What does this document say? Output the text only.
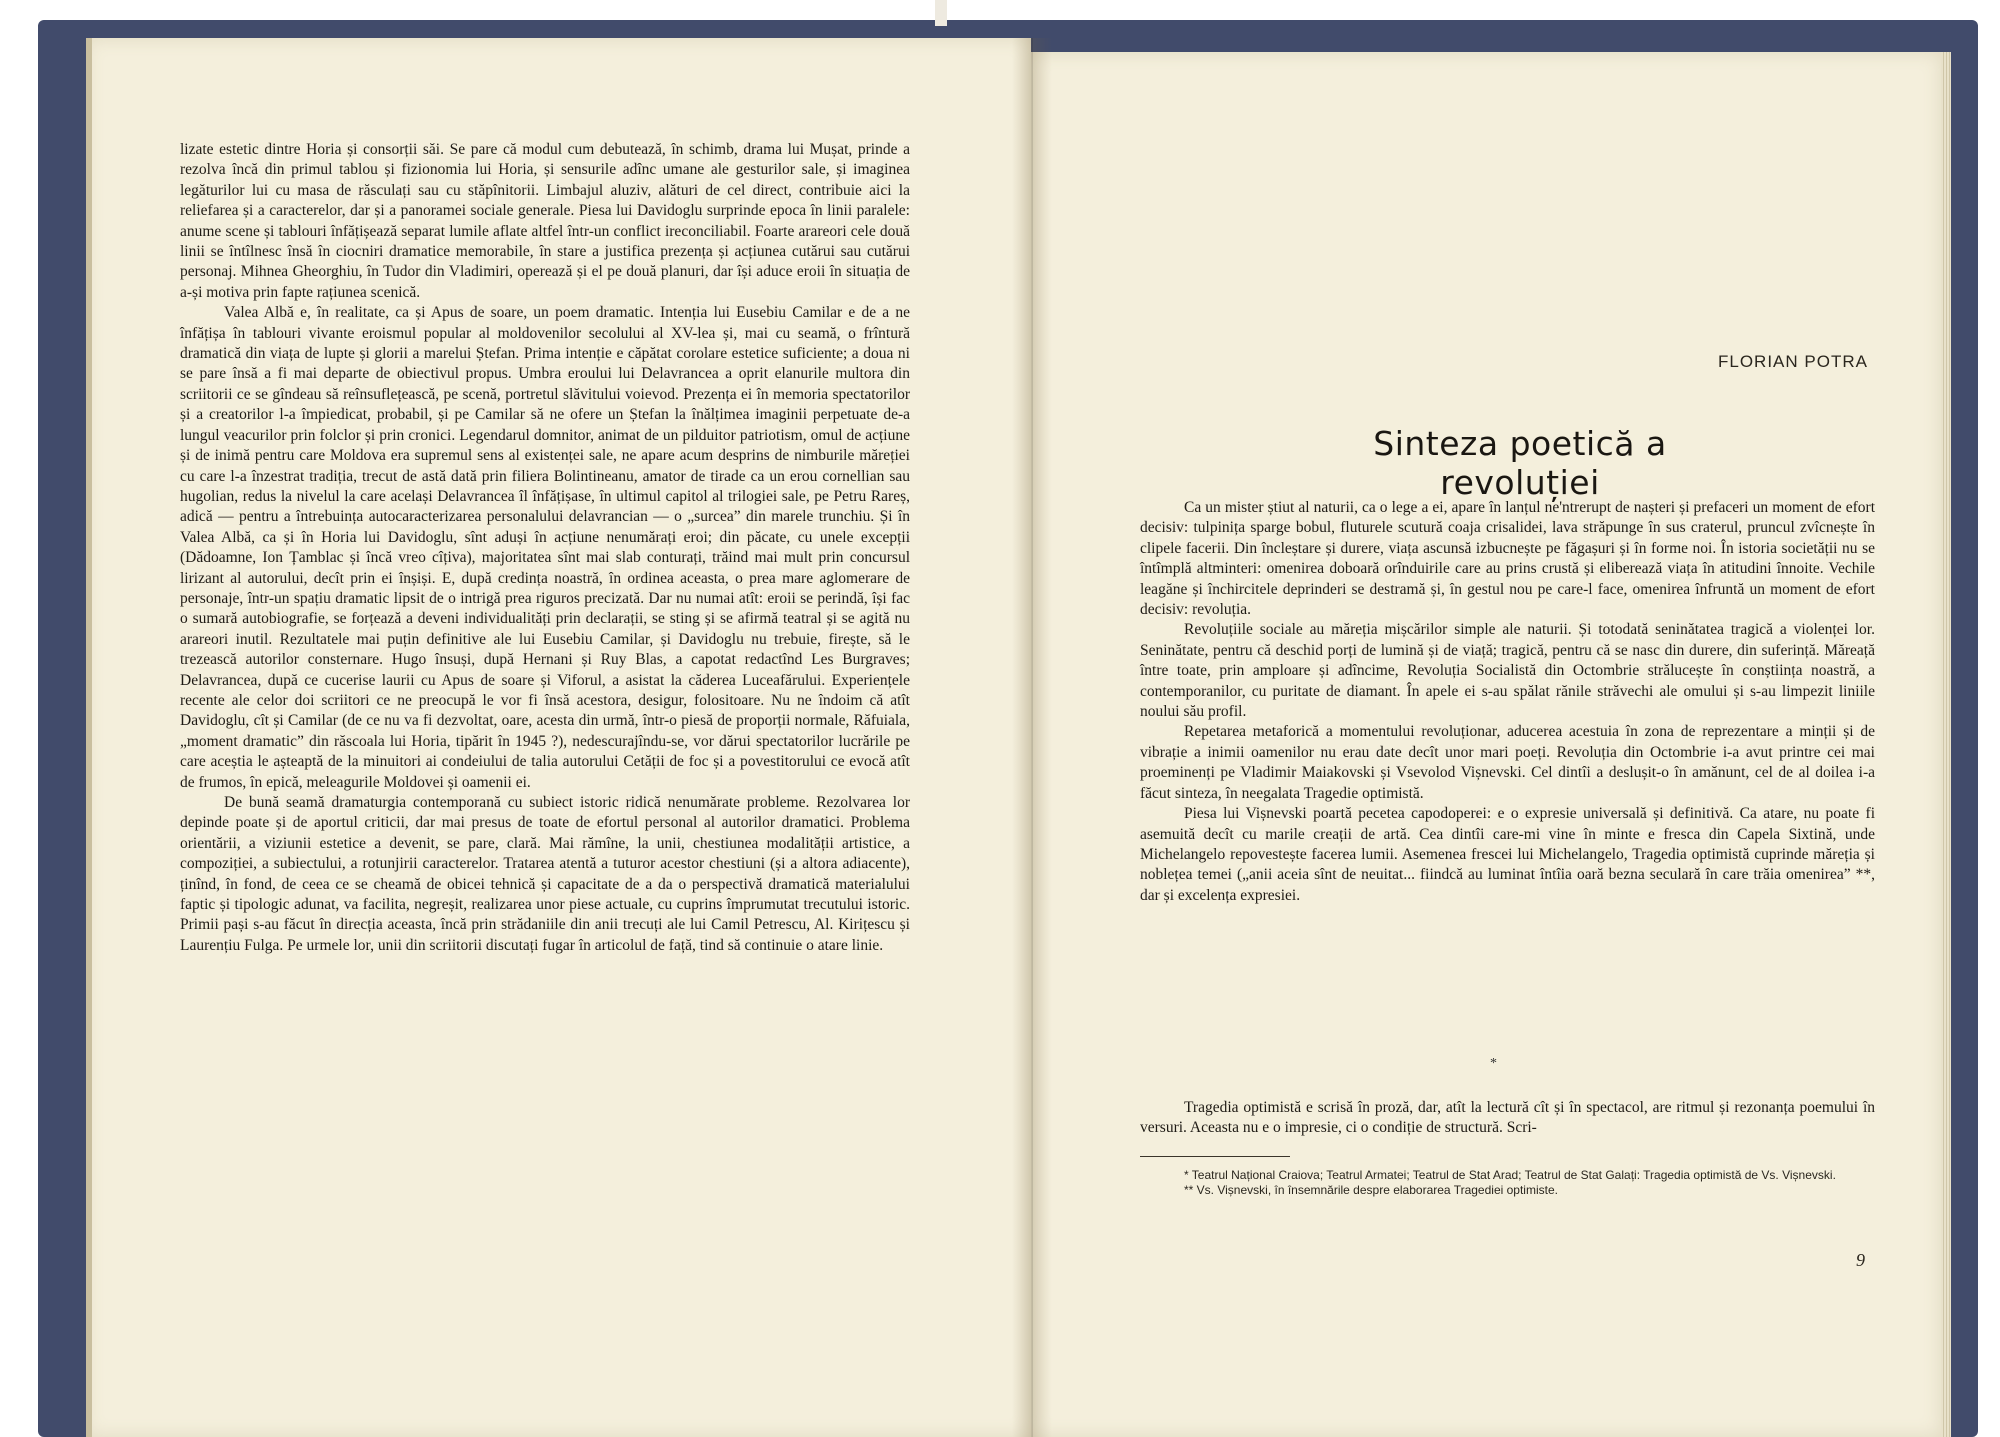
lizate estetic dintre Horia și consorții săi. Se pare că modul cum debutează, în schimb, drama lui Mușat, prinde a rezolva încă din primul tablou și fizionomia lui Horia, și sensurile adînc umane ale gesturilor sale, și imaginea legăturilor lui cu masa de răsculați sau cu stăpînitorii. Limbajul aluziv, alături de cel direct, contribuie aici la reliefarea și a caracterelor, dar și a panoramei sociale generale. Piesa lui Davidoglu surprinde epoca în linii paralele: anume scene și tablouri înfățișează separat lumile aflate altfel într-un conflict ireconciliabil. Foarte arareori cele două linii se întîlnesc însă în ciocniri dramatice memorabile, în stare a justifica prezența și acțiunea cutărui sau cutărui personaj. Mihnea Gheorghiu, în Tudor din Vladimiri, operează și el pe două planuri, dar își aduce eroii în situația de a-și motiva prin fapte rațiunea scenică.

Valea Albă e, în realitate, ca și Apus de soare, un poem dramatic. Intenția lui Eusebiu Camilar e de a ne înfățișa în tablouri vivante eroismul popular al moldovenilor secolului al XV-lea și, mai cu seamă, o frîntură dramatică din viața de lupte și glorii a marelui Ștefan. Prima intenție e căpătat corolare estetice suficiente; a doua ni se pare însă a fi mai departe de obiectivul propus. Umbra eroului lui Delavrancea a oprit elanurile multora din scriitorii ce se gîndeau să reînsuflețească, pe scenă, portretul slăvitului voievod. Prezența ei în memoria spectatorilor și a creatorilor l-a împiedicat, probabil, și pe Camilar să ne ofere un Ștefan la înălțimea imaginii perpetuate de-a lungul veacurilor prin folclor și prin cronici. Legendarul domnitor, animat de un pilduitor patriotism, omul de acțiune și de inimă pentru care Moldova era supremul sens al existenței sale, ne apare acum desprins de nimburile măreției cu care l-a înzestrat tradiția, trecut de astă dată prin filiera Bolintineanu, amator de tirade ca un erou cornellian sau hugolian, redus la nivelul la care același Delavrancea îl înfățișase, în ultimul capitol al trilogiei sale, pe Petru Rareș, adică — pentru a întrebuința autocaracterizarea personalului delavrancian — o „surcea” din marele trunchiu. Și în Valea Albă, ca și în Horia lui Davidoglu, sînt aduși în acțiune nenumărați eroi; din păcate, cu unele excepții (Dădoamne, Ion Țamblac și încă vreo cîțiva), majoritatea sînt mai slab conturați, trăind mai mult prin concursul lirizant al autorului, decît prin ei înșiși. E, după credința noastră, în ordinea aceasta, o prea mare aglomerare de personaje, într-un spațiu dramatic lipsit de o intrigă prea riguros precizată. Dar nu numai atît: eroii se perindă, își fac o sumară autobiografie, se forțează a deveni individualități prin declarații, se sting și se afirmă teatral și se agită nu arareori inutil. Rezultatele mai puțin definitive ale lui Eusebiu Camilar, și Davidoglu nu trebuie, firește, să le trezească autorilor consternare. Hugo însuși, după Hernani și Ruy Blas, a capotat redactînd Les Burgraves; Delavrancea, după ce cucerise laurii cu Apus de soare și Viforul, a asistat la căderea Luceafărului. Experiențele recente ale celor doi scriitori ce ne preocupă le vor fi însă acestora, desigur, folositoare. Nu ne îndoim că atît Davidoglu, cît și Camilar (de ce nu va fi dezvoltat, oare, acesta din urmă, într-o piesă de proporții normale, Răfuiala, „moment dramatic” din răscoala lui Horia, tipărit în 1945 ?), nedescurajîndu-se, vor dărui spectatorilor lucrările pe care aceștia le așteaptă de la minuitori ai condeiului de talia autorului Cetății de foc și a povestitorului ce evocă atît de frumos, în epică, meleagurile Moldovei și oamenii ei.

De bună seamă dramaturgia contemporană cu subiect istoric ridică nenumărate probleme. Rezolvarea lor depinde poate și de aportul criticii, dar mai presus de toate de efortul personal al autorilor dramatici. Problema orientării, a viziunii estetice a devenit, se pare, clară. Mai rămîne, la unii, chestiunea modalității artistice, a compoziției, a subiectului, a rotunjirii caracterelor. Tratarea atentă a tuturor acestor chestiuni (și a altora adiacente), ținînd, în fond, de ceea ce se cheamă de obicei tehnică și capacitate de a da o perspectivă dramatică materialului faptic și tipologic adunat, va facilita, negreșit, realizarea unor piese actuale, cu cuprins împrumutat trecutului istoric. Primii pași s-au făcut în direcția aceasta, încă prin strădaniile din anii trecuți ale lui Camil Petrescu, Al. Kirițescu și Laurențiu Fulga. Pe urmele lor, unii din scriitorii discutați fugar în articolul de față, tind să continuie o atare linie.

FLORIAN POTRA
Sinteza poetică a revoluției

Ca un mister știut al naturii, ca o lege a ei, apare în lanțul ne'ntrerupt de nașteri și prefaceri un moment de efort decisiv: tulpinița sparge bobul, fluturele scutură coaja crisalidei, lava străpunge în sus craterul, pruncul zvîcnește în clipele facerii. Din încleștare și durere, viața ascunsă izbucnește pe făgașuri și în forme noi. În istoria societății nu se întîmplă altminteri: omenirea doboară orînduirile care au prins crustă și eliberează viața în atitudini înnoite. Vechile leagăne și închircitele deprinderi se destramă și, în gestul nou pe care-l face, omenirea înfruntă un moment de efort decisiv: revoluția.

Revoluțiile sociale au măreția mișcărilor simple ale naturii. Și totodată seninătatea tragică a violenței lor. Seninătate, pentru că deschid porți de lumină și de viață; tragică, pentru că se nasc din durere, din suferință. Măreață între toate, prin amploare și adîncime, Revoluția Socialistă din Octombrie strălucește în conștiința noastră, a contemporanilor, cu puritate de diamant. În apele ei s-au spălat rănile străvechi ale omului și s-au limpezit liniile noului său profil.

Repetarea metaforică a momentului revoluționar, aducerea acestuia în zona de reprezentare a minții și de vibrație a inimii oamenilor nu erau date decît unor mari poeți. Revoluția din Octombrie i-a avut printre cei mai proeminenți pe Vladimir Maiakovski și Vsevolod Vișnevski. Cel dintîi a deslușit-o în amănunt, cel de al doilea i-a făcut sinteza, în neegalata Tragedie optimistă.

Piesa lui Vișnevski poartă pecetea capodoperei: e o expresie universală și definitivă. Ca atare, nu poate fi asemuită decît cu marile creații de artă. Cea dintîi care-mi vine în minte e fresca din Capela Sixtină, unde Michelangelo repovestește facerea lumii. Asemenea frescei lui Michelangelo, Tragedia optimistă cuprinde măreția și noblețea temei („anii aceia sînt de neuitat... fiindcă au luminat întîia oară bezna seculară în care trăia omenirea” **, dar și excelența expresiei.

*

Tragedia optimistă e scrisă în proză, dar, atît la lectură cît și în spectacol, are ritmul și rezonanța poemului în versuri. Aceasta nu e o impresie, ci o condiție de structură. Scri-

* Teatrul Național Craiova; Teatrul Armatei; Teatrul de Stat Arad; Teatrul de Stat Galați: Tragedia optimistă de Vs. Vișnevski.

** Vs. Vișnevski, în însemnările despre elaborarea Tragediei optimiste.

9
